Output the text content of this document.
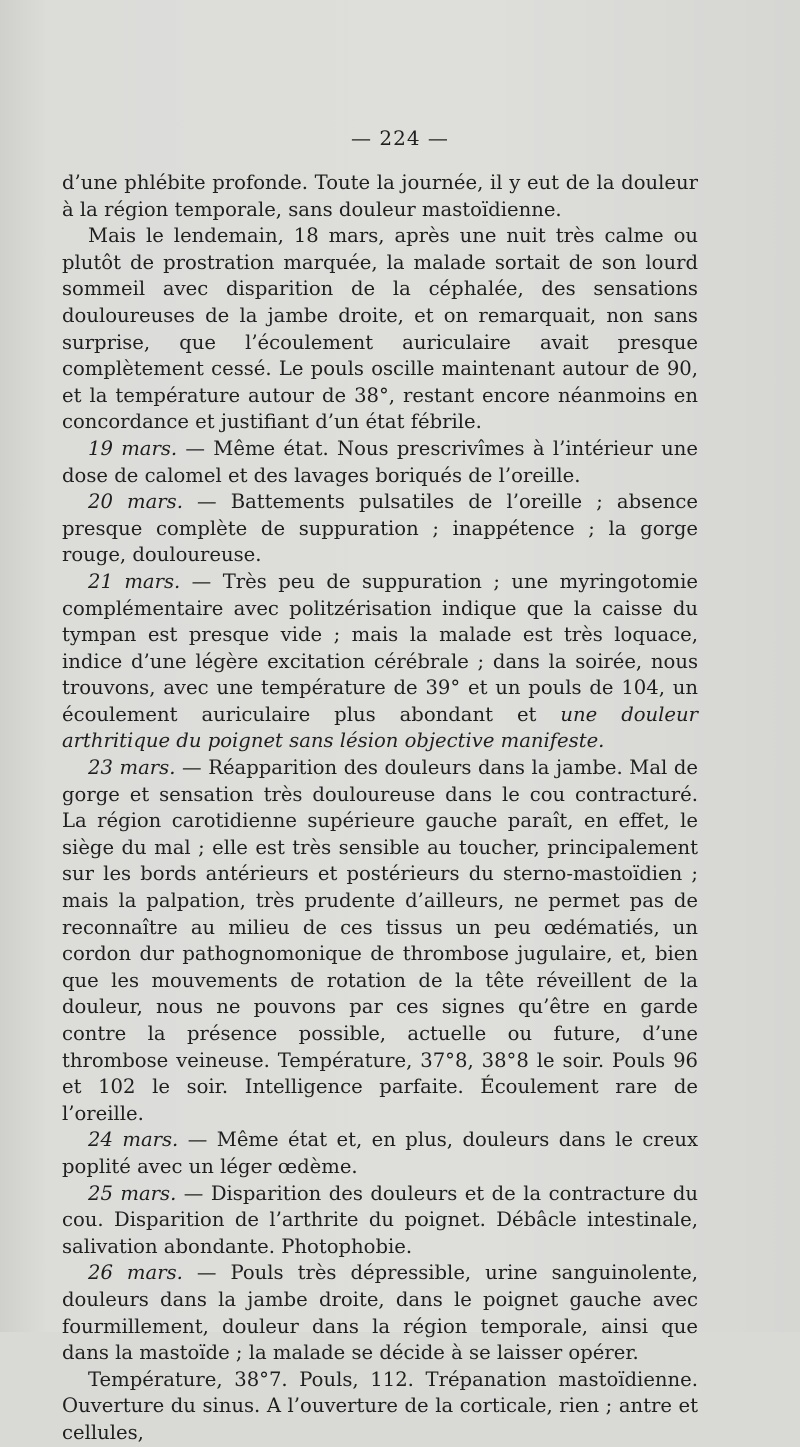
— 224 —

d’une phlébite profonde. Toute la journée, il y eut de la douleur à la région temporale, sans douleur mastoïdienne.

Mais le lendemain, 18 mars, après une nuit très calme ou plutôt de prostration marquée, la malade sortait de son lourd sommeil avec disparition de la céphalée, des sensations douloureuses de la jambe droite, et on remarquait, non sans surprise, que l’écoulement auriculaire avait presque complètement cessé. Le pouls oscille maintenant autour de 90, et la température autour de 38°, restant encore néanmoins en concordance et justifiant d’un état fébrile.

19 mars. — Même état. Nous prescrivîmes à l’intérieur une dose de calomel et des lavages boriqués de l’oreille.

20 mars. — Battements pulsatiles de l’oreille ; absence presque complète de suppuration ; inappétence ; la gorge rouge, douloureuse.

21 mars. — Très peu de suppuration ; une myringotomie complémentaire avec politzérisation indique que la caisse du tympan est presque vide ; mais la malade est très loquace, indice d’une légère excitation cérébrale ; dans la soirée, nous trouvons, avec une température de 39° et un pouls de 104, un écoulement auriculaire plus abondant et une douleur arthritique du poignet sans lésion objective manifeste.

23 mars. — Réapparition des douleurs dans la jambe. Mal de gorge et sensation très douloureuse dans le cou contracturé. La région carotidienne supérieure gauche paraît, en effet, le siège du mal ; elle est très sensible au toucher, principalement sur les bords antérieurs et postérieurs du sterno-mastoïdien ; mais la palpation, très prudente d’ailleurs, ne permet pas de reconnaître au milieu de ces tissus un peu œdématiés, un cordon dur pathognomonique de thrombose jugulaire, et, bien que les mouvements de rotation de la tête réveillent de la douleur, nous ne pouvons par ces signes qu’être en garde contre la présence possible, actuelle ou future, d’une thrombose veineuse. Température, 37°8, 38°8 le soir. Pouls 96 et 102 le soir. Intelligence parfaite. Écoulement rare de l’oreille.

24 mars. — Même état et, en plus, douleurs dans le creux poplité avec un léger œdème.

25 mars. — Disparition des douleurs et de la contracture du cou. Disparition de l’arthrite du poignet. Débâcle intestinale, salivation abondante. Photophobie.

26 mars. — Pouls très dépressible, urine sanguinolente, douleurs dans la jambe droite, dans le poignet gauche avec fourmillement, douleur dans la région temporale, ainsi que dans la mastoïde ; la malade se décide à se laisser opérer.

Température, 38°7. Pouls, 112. Trépanation mastoïdienne. Ouverture du sinus. A l’ouverture de la corticale, rien ; antre et cellules,
